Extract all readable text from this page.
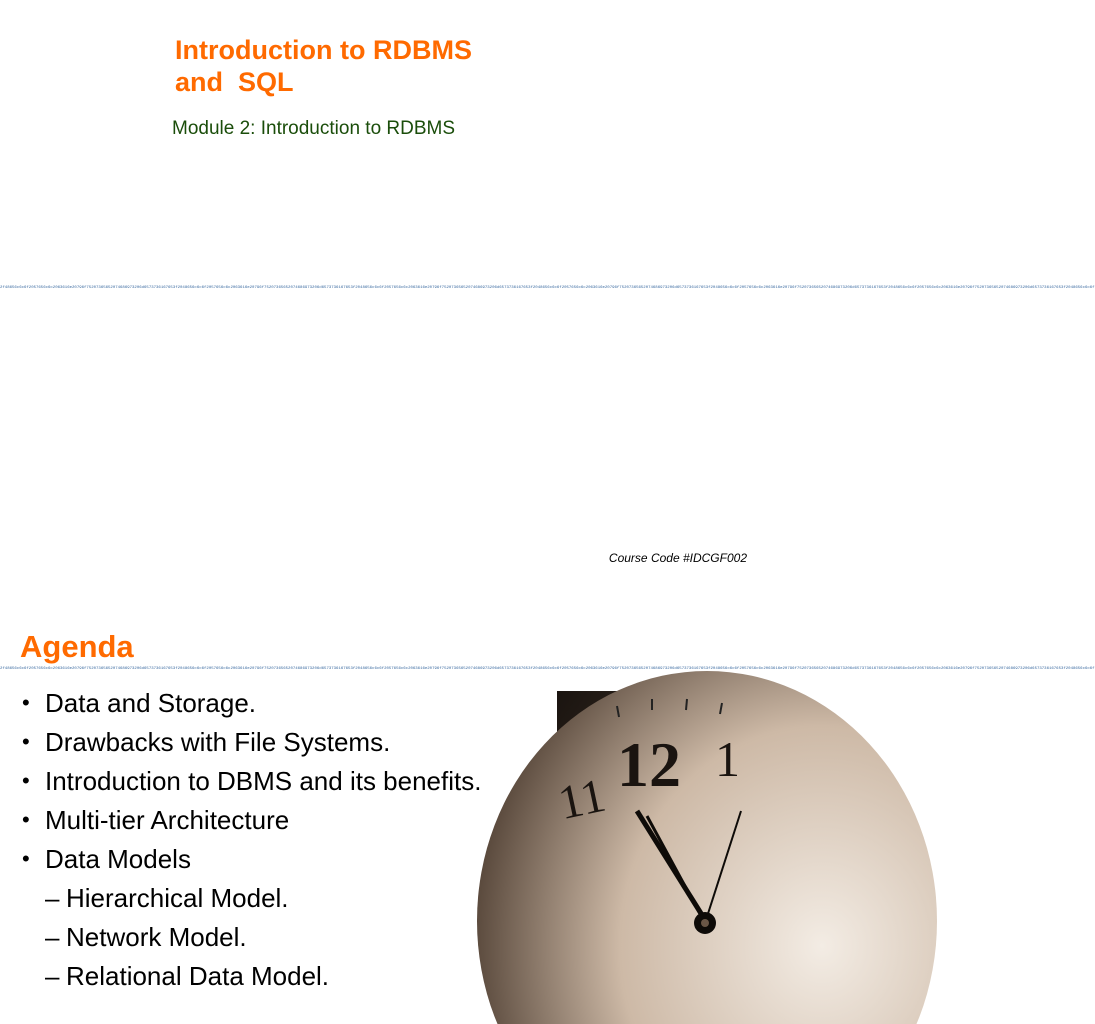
Introduction to RDBMS
and  SQL
Module 2: Introduction to RDBMS
2f48656c6c6f2057656c6c2063616e20796f75207365652074686973206d6573736167653f2048656c6c6f2057656c6c2063616e20796f75207365652074686973206d6573736167653f2048656c6c6f2057656c6c2063616e20796f75207365652074686973206d6573736167653f2048656c6c6f2057656c6c2063616e20796f75207365652074686973206d6573736167653f2048656c6c6f2057656c6c2063616e20796f75207365652074686973206d6573736167653f2048656c6c6f2057656c6c2063616e20796f75207365652074686973206d6573736167653f2048656c6c6f
Course Code #IDCGF002
Agenda
2f48656c6c6f2057656c6c2063616e20796f75207365652074686973206d6573736167653f2048656c6c6f2057656c6c2063616e20796f75207365652074686973206d6573736167653f2048656c6c6f2057656c6c2063616e20796f75207365652074686973206d6573736167653f2048656c6c6f2057656c6c2063616e20796f75207365652074686973206d6573736167653f2048656c6c6f2057656c6c2063616e20796f75207365652074686973206d6573736167653f2048656c6c6f2057656c6c2063616e20796f75207365652074686973206d6573736167653f2048656c6c6f
• Data and Storage.
• Drawbacks with File Systems.
• Introduction to DBMS and its benefits.
• Multi-tier Architecture
• Data Models
– Hierarchical Model.
– Network Model.
– Relational Data Model.
12 1
11
